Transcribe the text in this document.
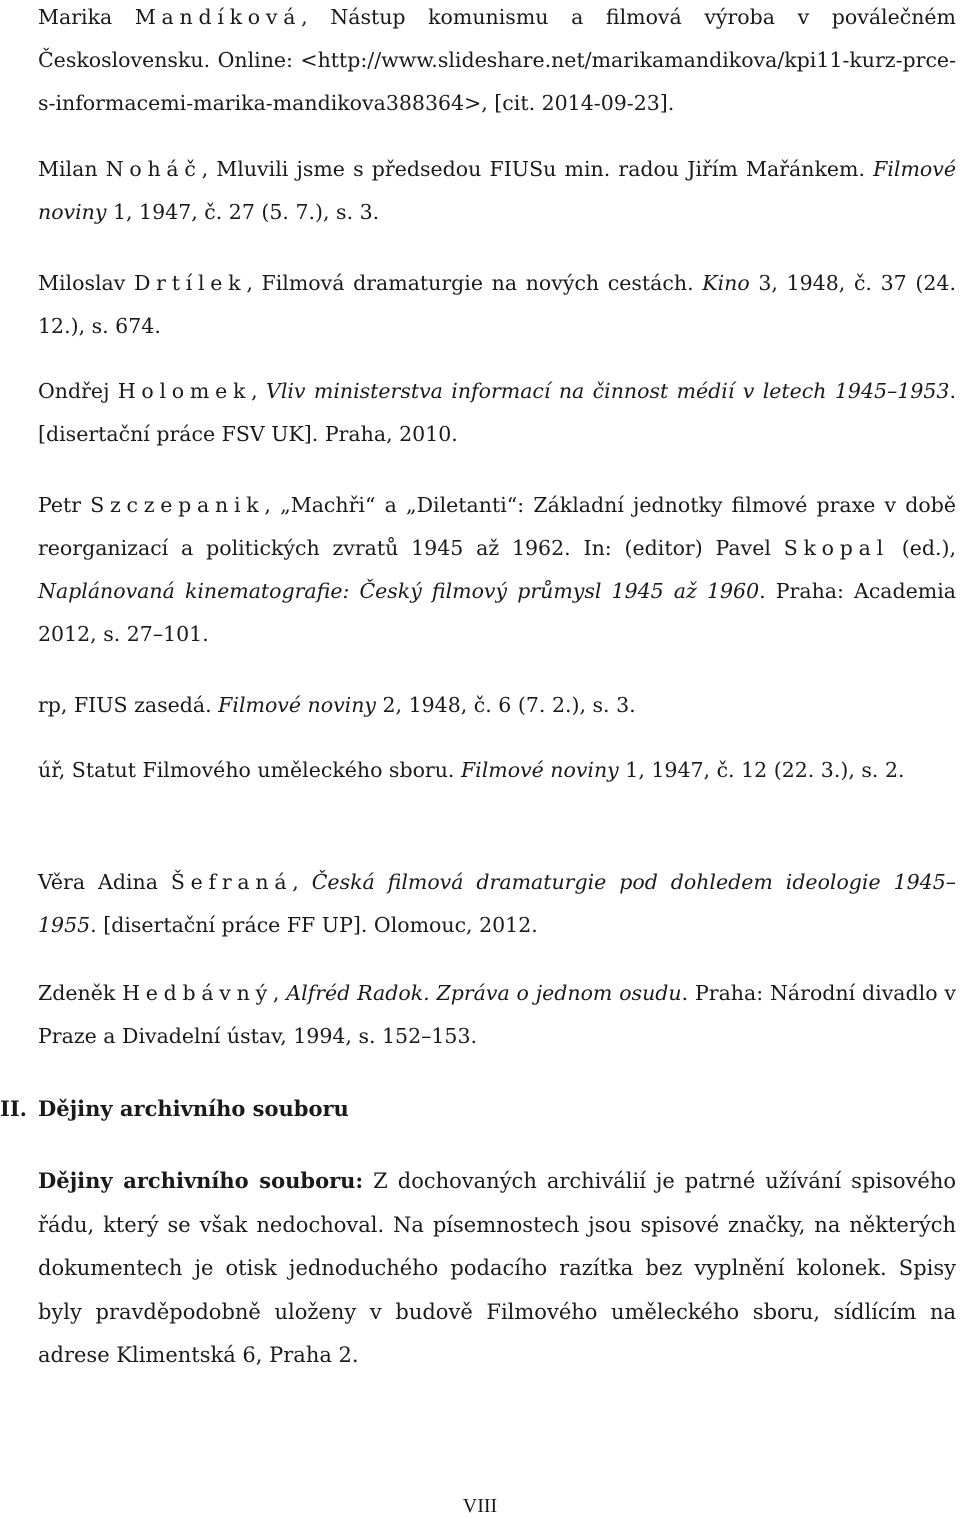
Marika Mandíková, Nástup komunismu a filmová výroba v poválečném Československu. Online: <http://www.slideshare.net/marikamandikova/kpi11-kurz-prce-s-informacemi-marika-mandikova388364>, [cit. 2014-09-23].

Milan Noháč, Mluvili jsme s předsedou FIUSu min. radou Jiřím Mařánkem. Filmové noviny 1, 1947, č. 27 (5. 7.), s. 3.

Miloslav Drtílek, Filmová dramaturgie na nových cestách. Kino 3, 1948, č. 37 (24. 12.), s. 674.

Ondřej Holomek, Vliv ministerstva informací na činnost médií v letech 1945–1953. [disertační práce FSV UK]. Praha, 2010.

Petr Szczepanik, „Machři“ a „Diletanti“: Základní jednotky filmové praxe v době reorganizací a politických zvratů 1945 až 1962. In: (editor) Pavel Skopal (ed.), Naplánovaná kinematografie: Český filmový průmysl 1945 až 1960. Praha: Academia 2012, s. 27–101.

rp, FIUS zasedá. Filmové noviny 2, 1948, č. 6 (7. 2.), s. 3.

úř, Statut Filmového uměleckého sboru. Filmové noviny 1, 1947, č. 12 (22. 3.), s. 2.

Věra Adina Šefraná, Česká filmová dramaturgie pod dohledem ideologie 1945–1955. [disertační práce FF UP]. Olomouc, 2012.

Zdeněk Hedbávný, Alfréd Radok. Zpráva o jednom osudu. Praha: Národní divadlo v Praze a Divadelní ústav, 1994, s. 152–153.

II. Dějiny archivního souboru

Dějiny archivního souboru: Z dochovaných archiválií je patrné užívání spisového řádu, který se však nedochoval. Na písemnostech jsou spisové značky, na některých dokumentech je otisk jednoduchého podacího razítka bez vyplnění kolonek. Spisy byly pravděpodobně uloženy v budově Filmového uměleckého sboru, sídlícím na adrese Klimentská 6, Praha 2.

VIII
